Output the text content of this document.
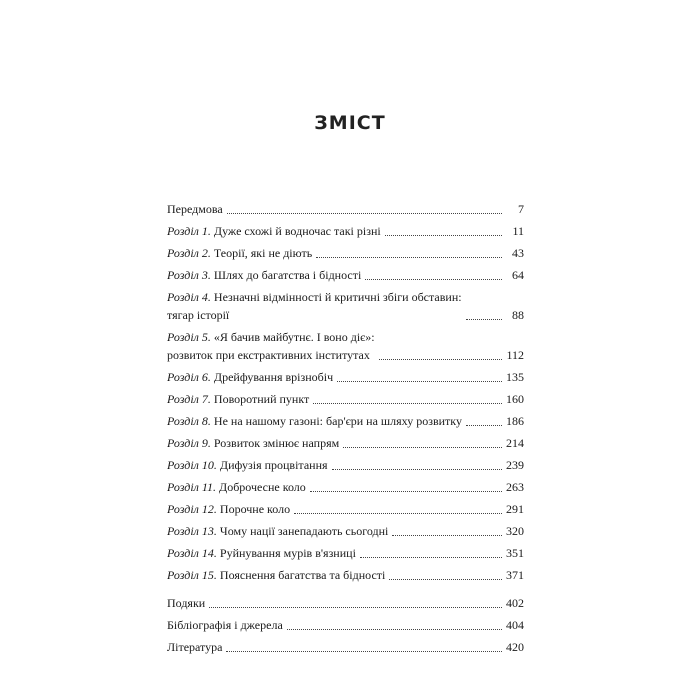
ЗМІСТ
Передмова	7
Розділ 1. Дуже схожі й водночас такі різні	11
Розділ 2. Теорії, які не діють	43
Розділ 3. Шлях до багатства і бідності	64
Розділ 4. Незначні відмінності й критичні збіги обставин:
тягар історії	88
Розділ 5. «Я бачив майбутнє. І воно діє»:
розвиток при екстрактивних інститутах	112
Розділ 6. Дрейфування врізнобіч	135
Розділ 7. Поворотний пункт	160
Розділ 8. Не на нашому газоні: бар'єри на шляху розвитку	186
Розділ 9. Розвиток змінює напрям	214
Розділ 10. Дифузія процвітання	239
Розділ 11. Доброчесне коло	263
Розділ 12. Порочне коло	291
Розділ 13. Чому нації занепадають сьогодні	320
Розділ 14. Руйнування мурів в'язниці	351
Розділ 15. Пояснення багатства та бідності	371
Подяки	402
Бібліографія і джерела	404
Література	420
